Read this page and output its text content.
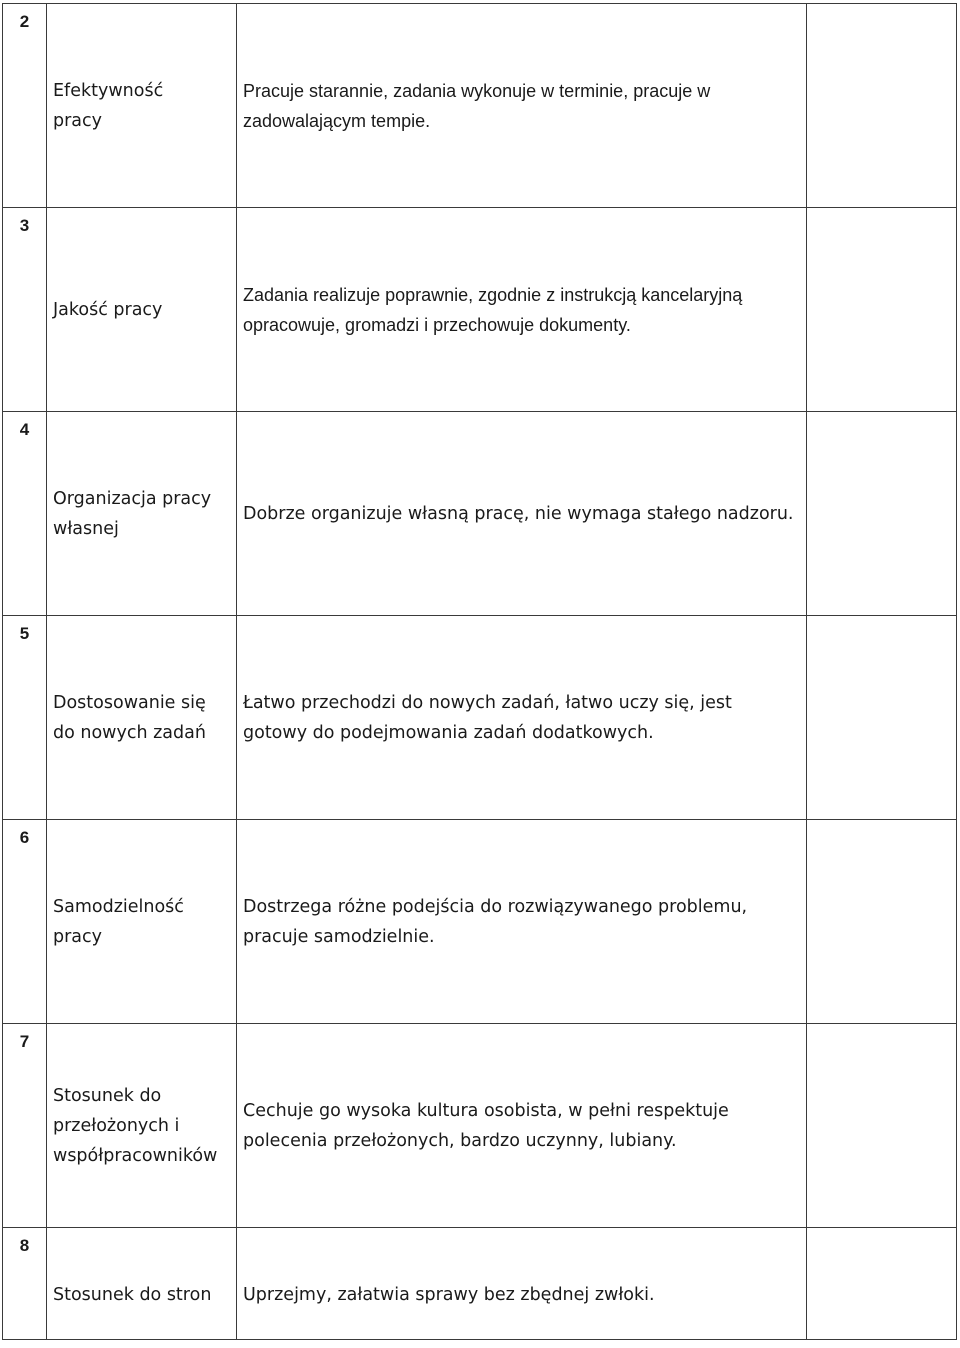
2	Efektywność pracy	Pracuje starannie, zadania wykonuje w terminie, pracuje w zadowalającym tempie.	

3	Jakość pracy	Zadania realizuje poprawnie, zgodnie z instrukcją kancelaryjną opracowuje, gromadzi i przechowuje dokumenty.	

4	Organizacja pracy własnej	Dobrze organizuje własną pracę, nie wymaga stałego nadzoru.	

5	Dostosowanie się do nowych zadań	Łatwo przechodzi do nowych zadań, łatwo uczy się, jest gotowy do podejmowania zadań dodatkowych.	

6	Samodzielność pracy	Dostrzega różne podejścia do rozwiązywanego problemu, pracuje samodzielnie.	

7	Stosunek do przełożonych i współpracowników	Cechuje go wysoka kultura osobista, w pełni respektuje polecenia przełożonych, bardzo uczynny, lubiany.	

8	Stosunek do stron	Uprzejmy, załatwia sprawy bez zbędnej zwłoki.	
